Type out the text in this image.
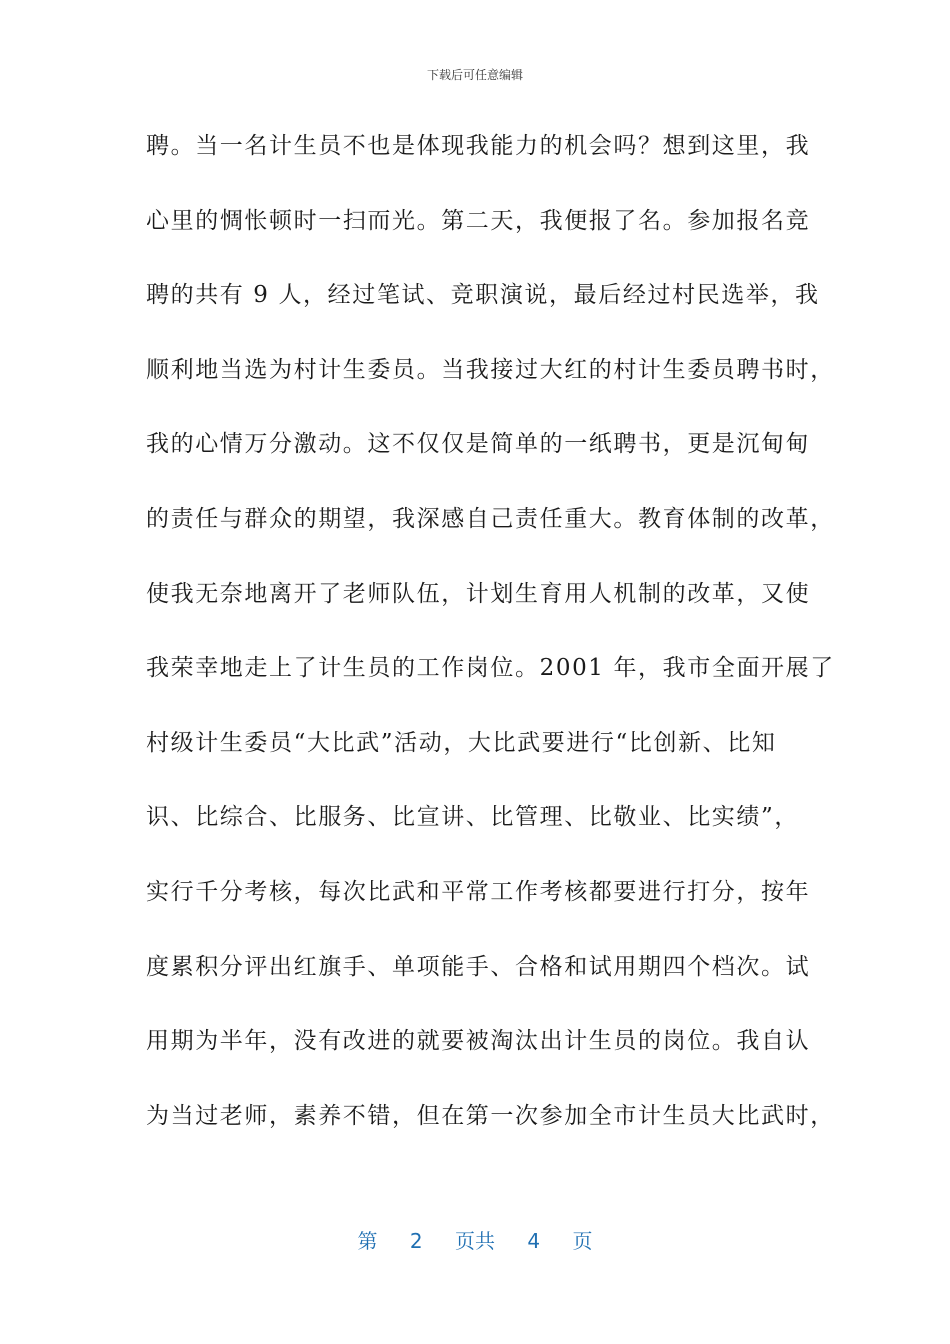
下载后可任意编辑
聘。当一名计生员不也是体现我能力的机会吗？想到这里，我
心里的惆怅顿时一扫而光。第二天，我便报了名。参加报名竞
聘的共有 9 人，经过笔试、竞职演说，最后经过村民选举，我
顺利地当选为村计生委员。当我接过大红的村计生委员聘书时，
我的心情万分激动。这不仅仅是简单的一纸聘书，更是沉甸甸
的责任与群众的期望，我深感自己责任重大。教育体制的改革，
使我无奈地离开了老师队伍，计划生育用人机制的改革，又使
我荣幸地走上了计生员的工作岗位。2001 年，我市全面开展了
村级计生委员“大比武”活动，大比武要进行“比创新、比知
识、比综合、比服务、比宣讲、比管理、比敬业、比实绩”，
实行千分考核，每次比武和平常工作考核都要进行打分，按年
度累积分评出红旗手、单项能手、合格和试用期四个档次。试
用期为半年，没有改进的就要被淘汰出计生员的岗位。我自认
为当过老师，素养不错，但在第一次参加全市计生员大比武时，
第 2 页共 4 页
